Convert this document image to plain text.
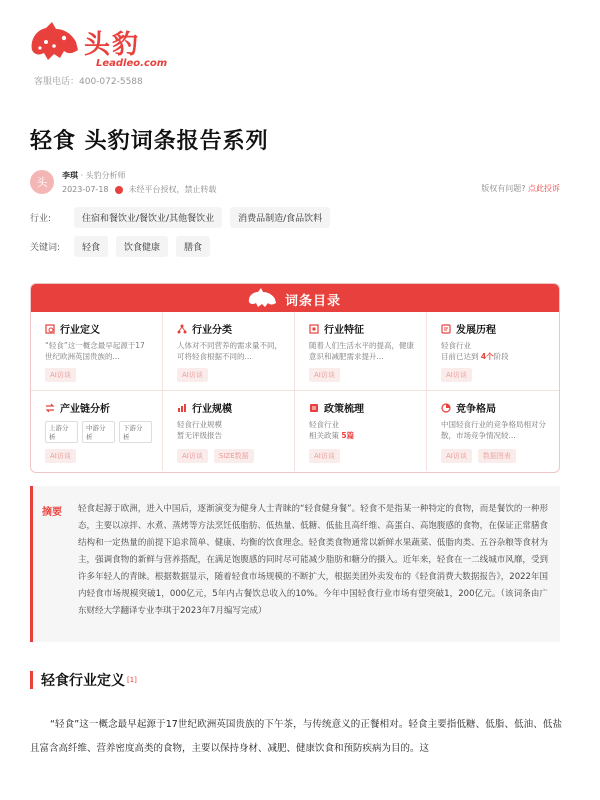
头豹
Leadleo.com
客服电话：400-072-5588
轻食 头豹词条报告系列
头
李琪 · 头豹分析师
2023-07-18	未经平台授权，禁止转载	版权有问题? 点此投诉
行业:	住宿和餐饮业/餐饮业/其他餐饮业	消费品制造/食品饮料
关键词:	轻食	饮食健康	膳食
词条目录
行业定义
“轻食”这一概念最早起源于17世纪欧洲英国贵族的...
AI访谈
行业分类
人体对不同营养的需求量不同，可将轻食根据不同的...
AI访谈
行业特征
随着人们生活水平的提高，健康意识和减肥需求提升...
AI访谈
发展历程
轻食行业
目前已达到 4个阶段
AI访谈
产业链分析
上游分析
中游分析
下游分析
AI访谈
行业规模
轻食行业规模
暂无评级报告
AI访谈	SIZE数据
政策梳理
轻食行业
相关政策 5篇
AI访谈
竞争格局
中国轻食行业的竞争格局相对分散，市场竞争情况较...
AI访谈	数据图表
摘要 轻食起源于欧洲，进入中国后，逐渐演变为健身人士青睐的“轻食健身餐”。轻食不是指某一种特定的食物，而是餐饮的一种形态，主要以凉拌、水煮、蒸烤等方法烹饪低脂肪、低热量、低糖、低盐且高纤维、高蛋白、高饱腹感的食物，在保证正常膳食结构和一定热量的前提下追求简单、健康、均衡的饮食理念。轻食类食物通常以新鲜水果蔬菜、低脂肉类、五谷杂粮等食材为主，强调食物的新鲜与营养搭配，在满足饱腹感的同时尽可能减少脂肪和糖分的摄入。近年来，轻食在一二线城市风靡，受到许多年轻人的青睐。根据数据显示，随着轻食市场规模的不断扩大，根据美团外卖发布的《轻食消费大数据报告》，2022年国内轻食市场规模突破1，000亿元，5年内占餐饮总收入的10%。今年中国轻食行业市场有望突破1，200亿元。（该词条由广东财经大学翻译专业李琪于2023年7月编写完成）
轻食行业定义 [1]
“轻食”这一概念最早起源于17世纪欧洲英国贵族的下午茶，与传统意义的正餐相对。轻食主要指低糖、低脂、低油、低盐且富含高纤维、营养密度高类的食物，主要以保持身材、减肥、健康饮食和预防疾病为目的。这
